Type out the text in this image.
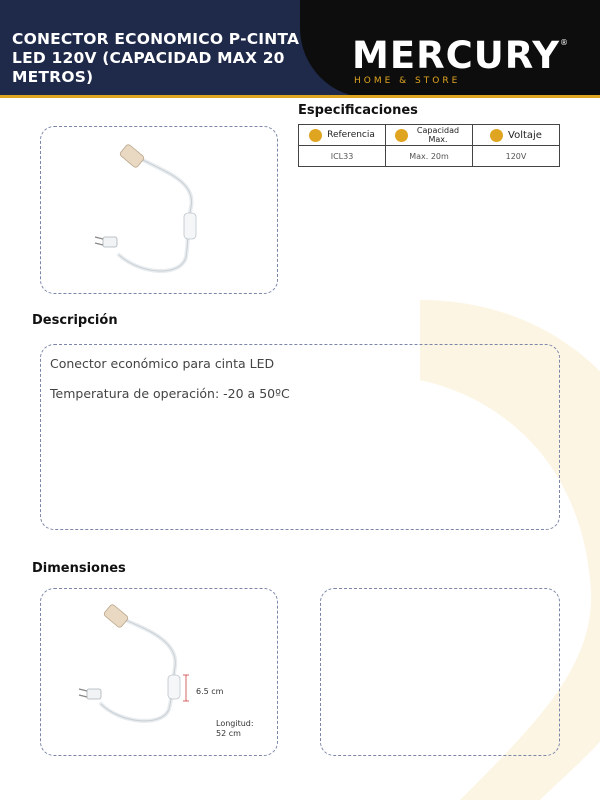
CONECTOR ECONOMICO P-CINTA LED 120V (CAPACIDAD MAX 20 METROS)	MERCURY ®
HOME & STORE
Especificaciones
Referencia	Capacidad Max.	Voltaje

ICL33	Max. 20m	120V
Descripción
Conector económico para cinta LED
Temperatura de operación: -20 a 50ºC
Dimensiones
6.5 cm
Longitud:
52 cm
